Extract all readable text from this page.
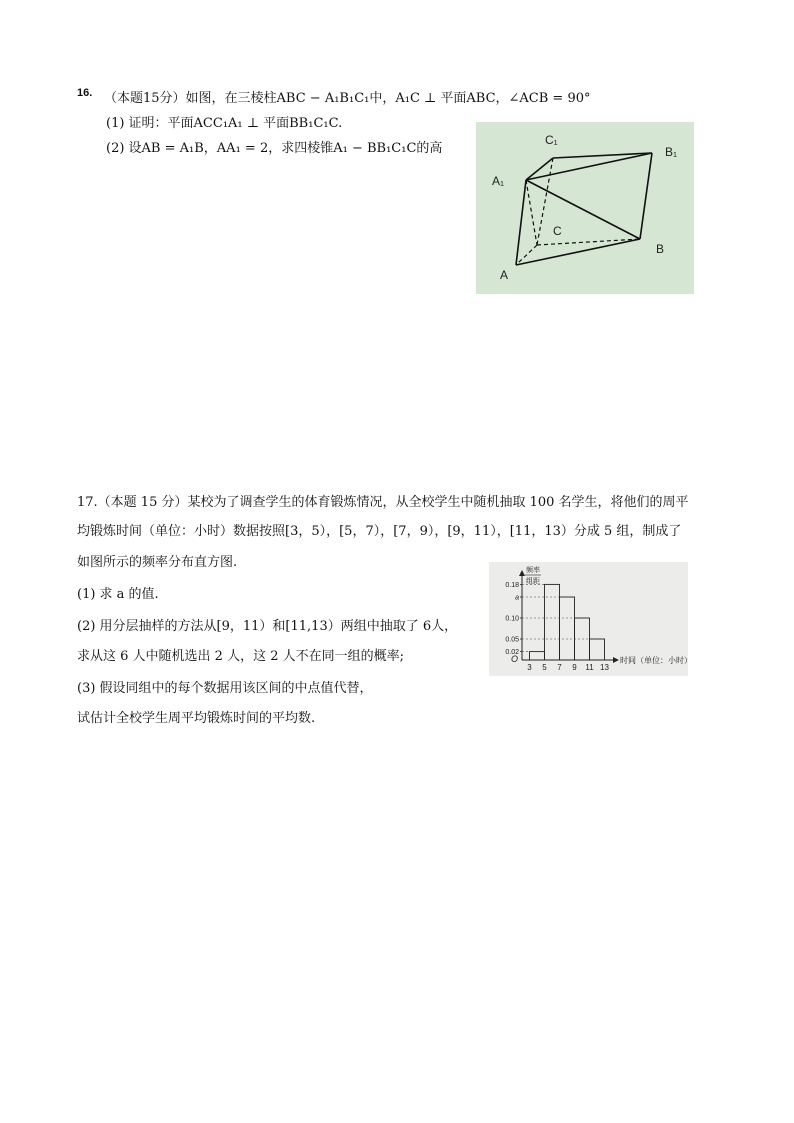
16. （本题15分）如图，在三棱柱ABC − A₁B₁C₁中，A₁C ⊥ 平面ABC，∠ACB = 90°
(1) 证明：平面ACC₁A₁ ⊥ 平面BB₁C₁C.
(2) 设AB = A₁B，AA₁ = 2，求四棱锥A₁ − BB₁C₁C的高
C₁
B₁
A₁
C
B
A
17.（本题 15 分）某校为了调查学生的体育锻炼情况，从全校学生中随机抽取 100 名学生，将他们的周平
均锻炼时间（单位：小时）数据按照[3，5），[5，7），[7，9），[9，11），[11，13）分成 5 组，制成了
如图所示的频率分布直方图.
(1) 求 a 的值.
(2) 用分层抽样的方法从[9，11）和[11,13）两组中抽取了 6人，
求从这 6 人中随机选出 2 人，这 2 人不在同一组的概率;
(3) 假设同组中的每个数据用该区间的中点值代替，
试估计全校学生周平均锻炼时间的平均数.
频率
组距
O	时间（单位：小时）
0.18
a
0.10
0.05
0.02
3 5 7 9 11 13
